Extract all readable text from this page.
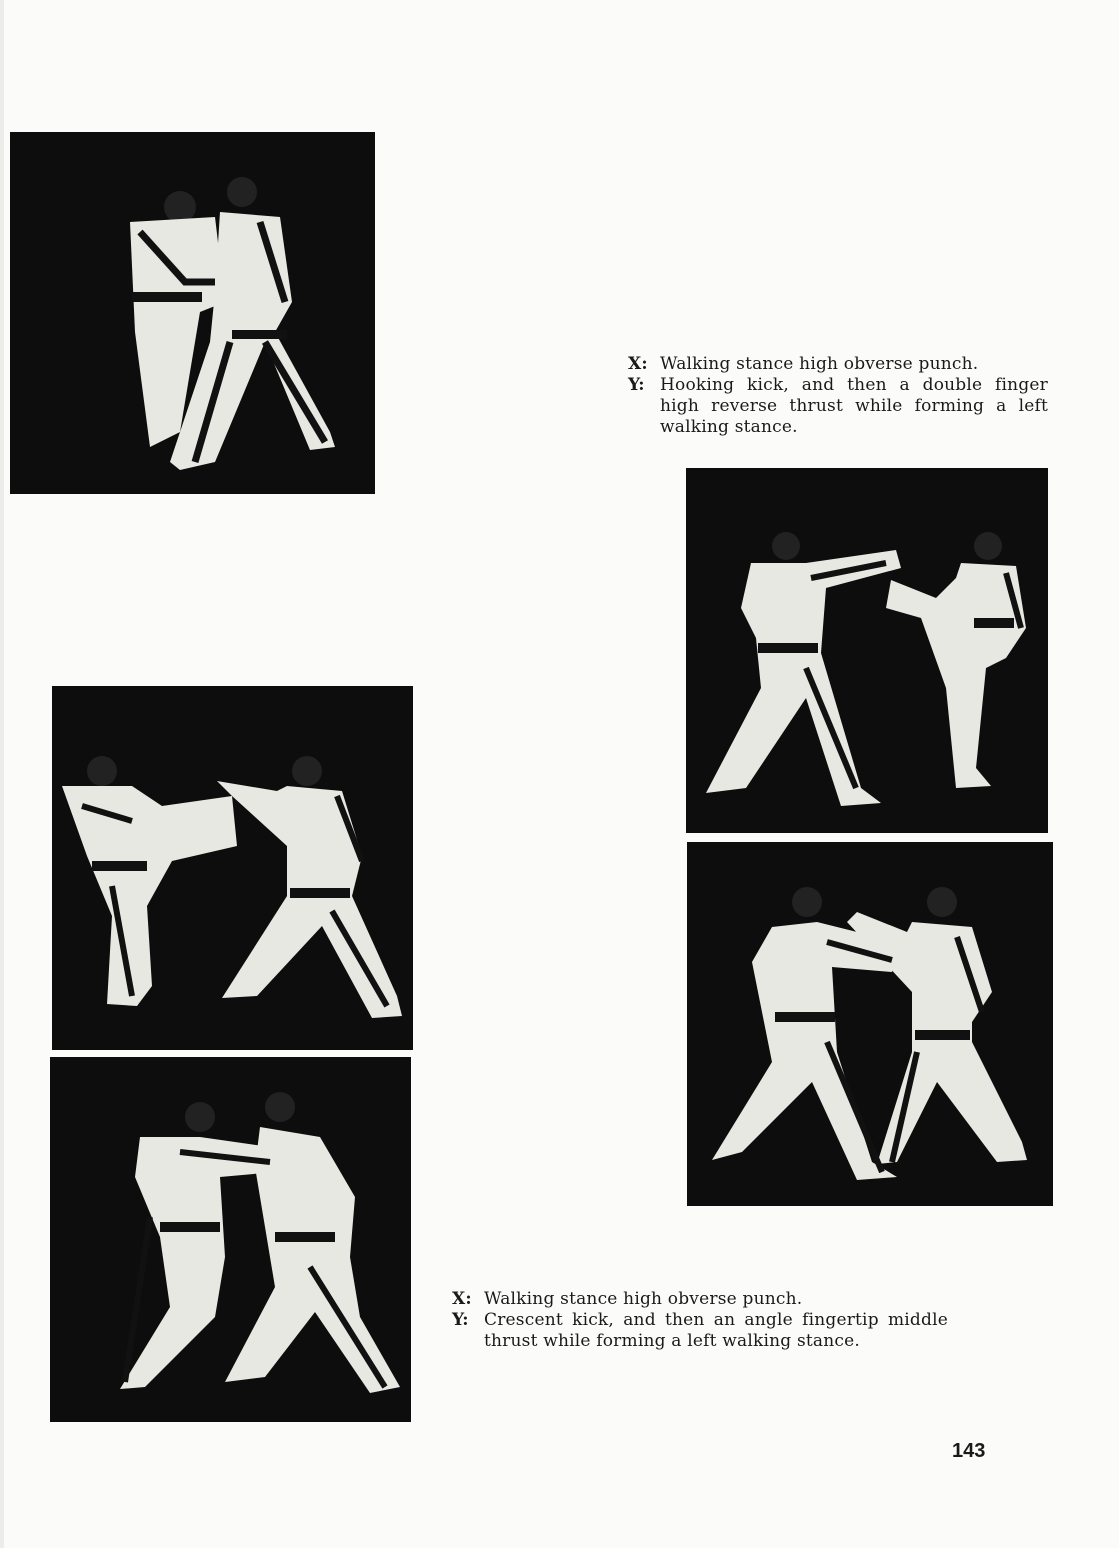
X: Walking stance high obverse punch.
Y: Hooking kick, and then a double finger high reverse thrust while forming a left walking stance.
X: Walking stance high obverse punch.
Y: Crescent kick, and then an angle fingertip middle thrust while forming a left walking stance.
143
